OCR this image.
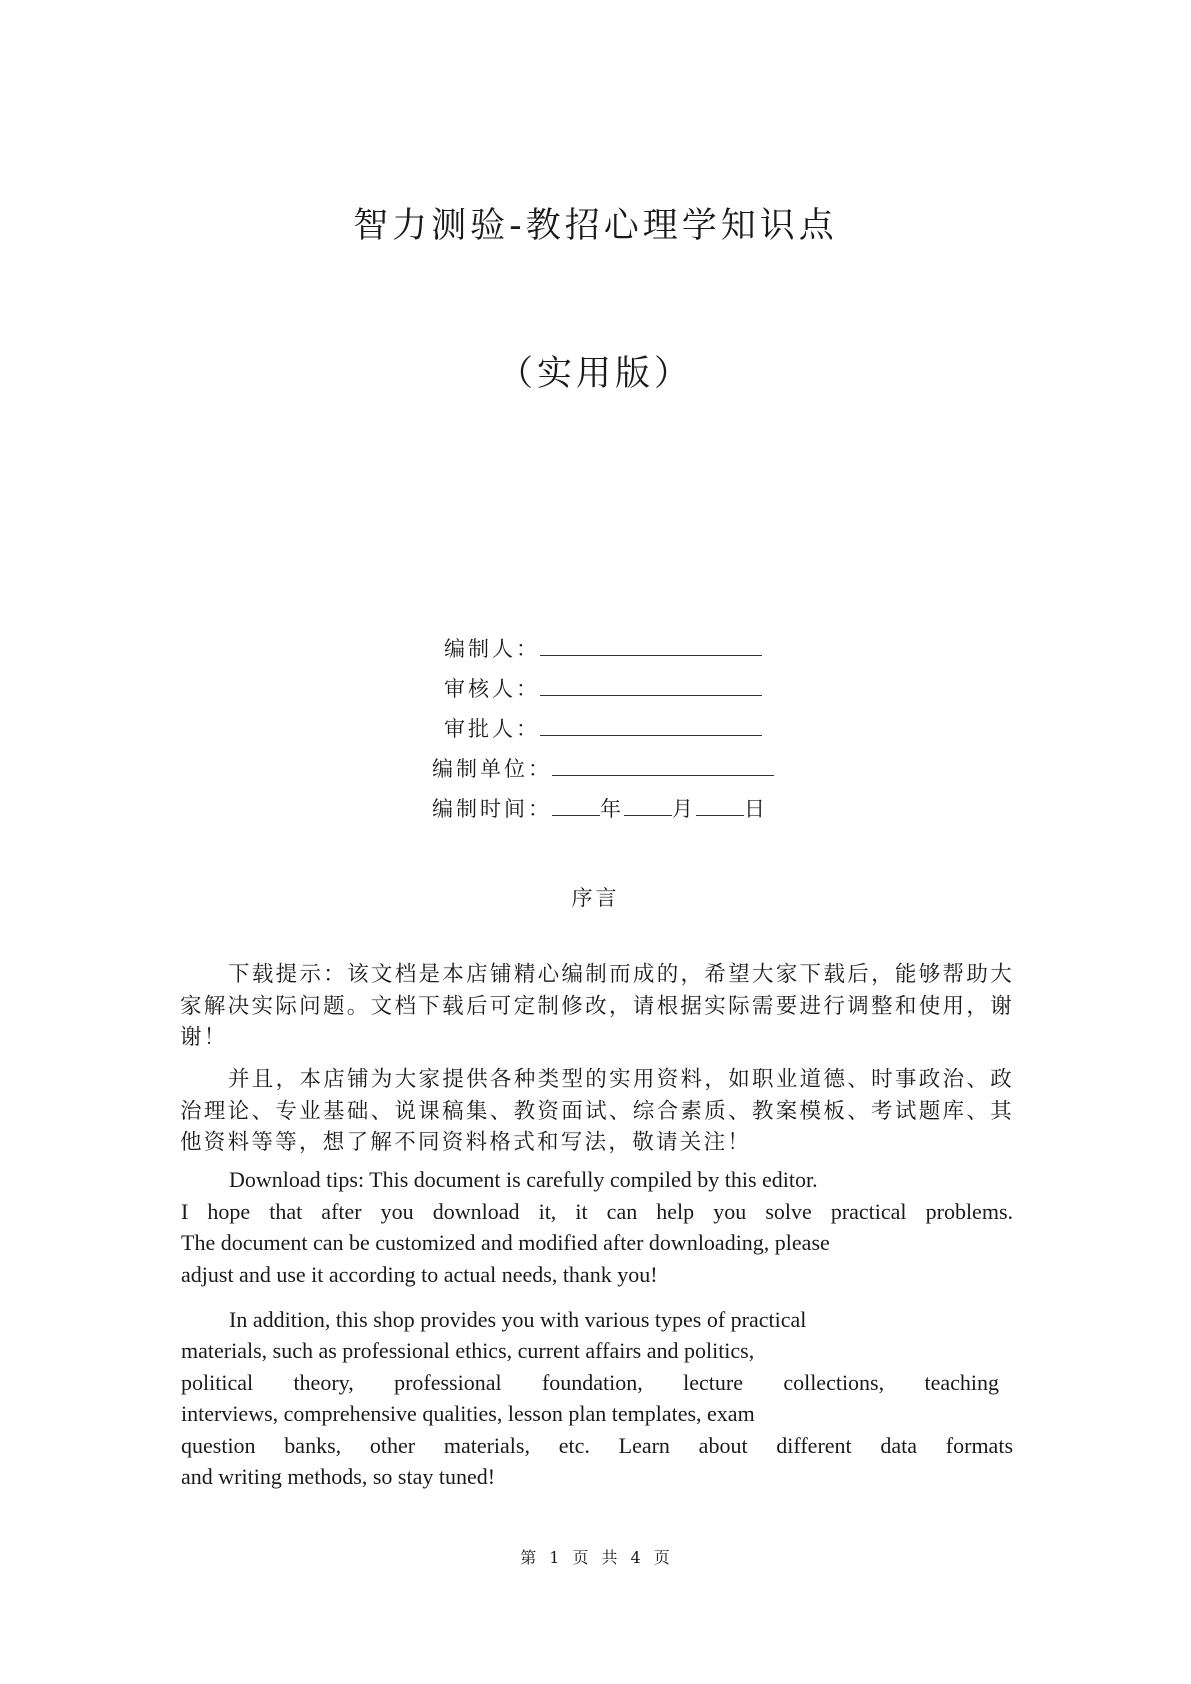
智力测验-教招心理学知识点
（实用版）
编制人：
审核人：
审批人：
编制单位：
编制时间： 年 月 日
序言

下载提示：该文档是本店铺精心编制而成的，希望大家下载后，能够帮助大家解决实际问题。文档下载后可定制修改，请根据实际需要进行调整和使用，谢谢！

并且，本店铺为大家提供各种类型的实用资料，如职业道德、时事政治、政治理论、专业基础、说课稿集、教资面试、综合素质、教案模板、考试题库、其他资料等等，想了解不同资料格式和写法，敬请关注！

Download tips: This document is carefully compiled by this editor.
I hope that after you download it, it can help you solve practical problems.
The document can be customized and modified after downloading, please
adjust and use it according to actual needs, thank you!
In addition, this shop provides you with various types of practical
materials, such as professional ethics, current affairs and politics,
political theory, professional foundation, lecture collections, teaching
interviews, comprehensive qualities, lesson plan templates, exam
question banks, other materials, etc. Learn about different data formats
and writing methods, so stay tuned!
第 1 页 共 4 页
